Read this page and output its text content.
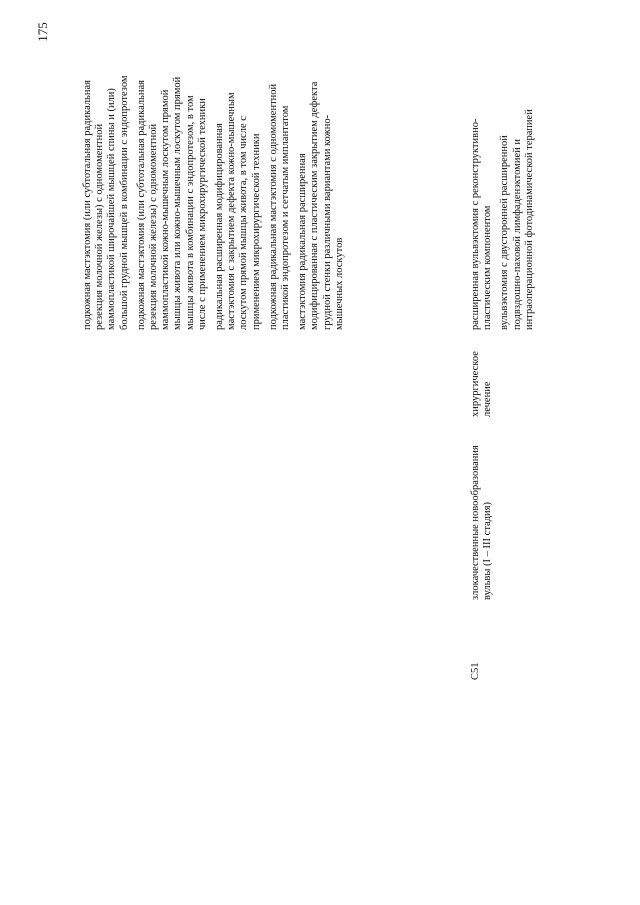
175
C51
злокачественные новообразования вульвы (I – III стадия)
хирургическое лечение
подкожная мастэктомия (или субтотальная радикальная резекция молочной железы) с одномоментной маммопластикой широчайшей мышцей спины и (или) большой грудной мышцей в комбинации с эндопротезом подкожная мастэктомия (или субтотальная радикальная резекция молочной железы) с одномоментной маммопластикой кожно-мышечным лоскутом прямой мышцы живота или кожно-мышечным лоскутом прямой мышцы живота в комбинации с эндопротезом, в том числе с применением микрохирургической техники радикальная расширенная модифицированная мастэктомия с закрытием дефекта кожно-мышечным лоскутом прямой мышцы живота, в том числе с применением микрохирургической техники подкожная радикальная мастэктомия с одномоментной пластикой эндопротезом и сетчатым имплантатом мастэктомия радикальная расширенная модифицированная с пластическим закрытием дефекта грудной стенки различными вариантами кожно-мышечных лоскутов	расширенная вульвэктомия с реконструктивно-пластическим компонентом вульвэктомия с двусторонней расширенной подвздошно-паховой лимфаденэктомией и интраоперационной фотодинамической терапией
